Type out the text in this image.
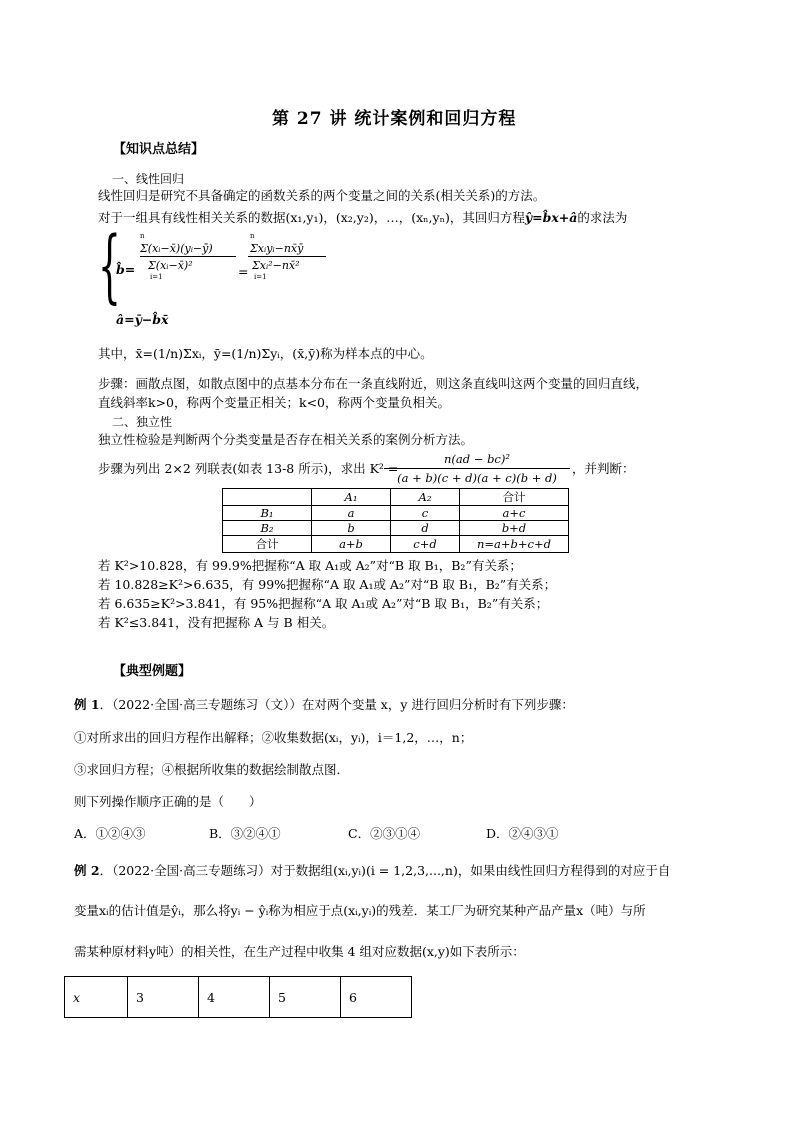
第 27 讲 统计案例和回归方程
【知识点总结】
一、线性回归
线性回归是研究不具备确定的函数关系的两个变量之间的关系(相关关系)的方法。
对于一组具有线性相关关系的数据(x₁,y₁)，(x₂,y₂)，…，(xₙ,yₙ)，其回归方程ŷ=b̂x+â的求法为
{
b̂=
n
Σ(xᵢ−x̄)(yᵢ−ȳ)
Σ(xᵢ−x̄)²
i=1	=
n
Σxᵢyᵢ−nx̄ȳ
Σxᵢ²−nx̄²
i=1
â=ȳ−b̂x̄
其中，x̄=(1/n)Σxᵢ，ȳ=(1/n)Σyᵢ，(x̄,ȳ)称为样本点的中心。
步骤：画散点图，如散点图中的点基本分布在一条直线附近，则这条直线叫这两个变量的回归直线，
直线斜率k>0，称两个变量正相关；k<0，称两个变量负相关。
二、独立性
独立性检验是判断两个分类变量是否存在相关关系的案例分析方法。
步骤为列出 2×2 列联表(如表 13-8 所示)，求出 K² =
n(ad − bc)²
(a + b)(c + d)(a + c)(b + d)
，并判断：
	A₁	A₂	合计
B₁	a	c	a+c
B₂	b	d	b+d
合计	a+b	c+d	n=a+b+c+d
若 K²>10.828，有 99.9%把握称“A 取 A₁或 A₂”对“B 取 B₁，B₂”有关系；
若 10.828≥K²>6.635，有 99%把握称“A 取 A₁或 A₂”对“B 取 B₁，B₂”有关系；
若 6.635≥K²>3.841，有 95%把握称“A 取 A₁或 A₂”对“B 取 B₁，B₂”有关系；
若 K²≤3.841，没有把握称 A 与 B 相关。
【典型例题】
例 1．（2022·全国·高三专题练习（文））在对两个变量 x，y 进行回归分析时有下列步骤：
①对所求出的回归方程作出解释；②收集数据(xᵢ，yᵢ)，i＝1,2，…，n；
③求回归方程；④根据所收集的数据绘制散点图．
则下列操作顺序正确的是（　　）
A．①②④③	B．③②④①	C．②③①④	D．②④③①
例 2．（2022·全国·高三专题练习）对于数据组(xᵢ,yᵢ)(i = 1,2,3,...,n)，如果由线性回归方程得到的对应于自
变量xᵢ的估计值是ŷᵢ，那么将yᵢ − ŷᵢ称为相应于点(xᵢ,yᵢ)的残差．某工厂为研究某种产品产量x（吨）与所
需某种原材料y吨）的相关性，在生产过程中收集 4 组对应数据(x,y)如下表所示：
x	3	4	5	6
